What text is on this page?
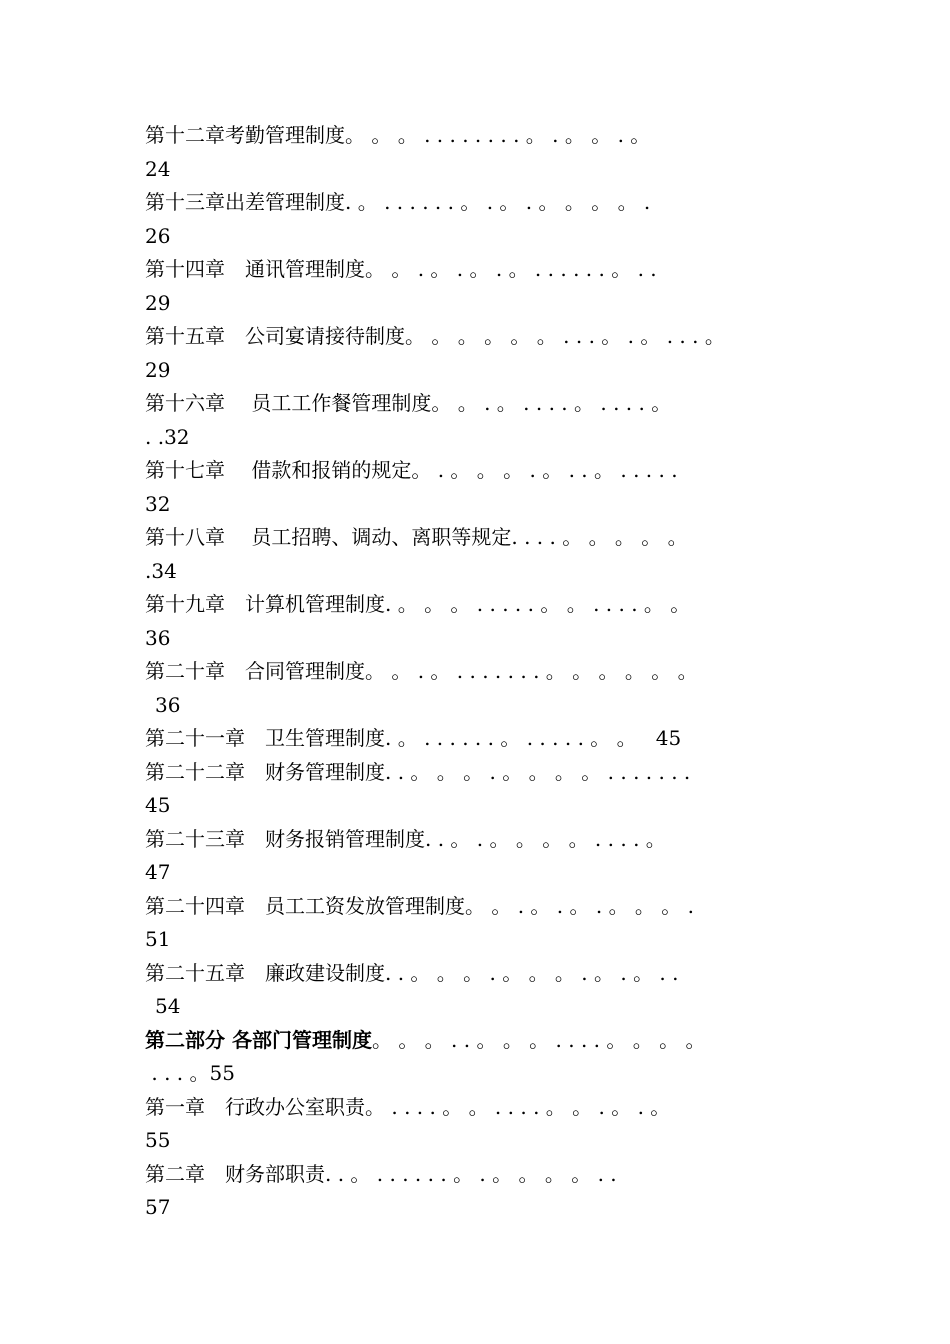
第十二章考勤管理制度。 。 。 . . . . . . . . 。 . 。 。 . 。
24
第十三章出差管理制度. 。 . . . . . . 。 . 。 . 。 。 。 。 .
26
第十四章　通讯管理制度。 。 . 。 . 。 . 。 . . . . . . 。 . .
29
第十五章　公司宴请接待制度。 。 。 。 。 。 . . . 。 . 。 . . . 。
29
第十六章　 员工工作餐管理制度。 。 . 。 . . . . 。 . . . . 。
. .32
第十七章　 借款和报销的规定。 . 。 。 。 . 。 . . 。 . . . . .
32
第十八章　 员工招聘、调动、离职等规定. . . . 。 。 。 。 。
.34
第十九章　计算机管理制度. 。 。 。 . . . . . 。 。 . . . . 。 。
36
第二十章　合同管理制度。 。 . 。 . . . . . . . 。 。 。 。 。 。
36
第二十一章　卫生管理制度. 。 . . . . . . 。 . . . . . 。 。 45
第二十二章　财务管理制度. . 。 。 。 . 。 。 。 。 . . . . . . .
45
第二十三章　财务报销管理制度. . 。 . 。 。 。 。 . . . . 。
47
第二十四章　员工工资发放管理制度。 。 . 。 . 。 . 。 。 。 .
51
第二十五章　廉政建设制度. . 。 。 。 . 。 。 。 . 。 . 。 . .
54
第二部分 各部门管理制度。 。 。 . . 。 。 。 . . . . 。 。 。 。
. . . 。55
第一章　行政办公室职责。 . . . . 。 。 . . . . 。 。 . 。 . 。
55
第二章　财务部职责. . 。 . . . . . . 。 . 。 。 。 。 . .
57
